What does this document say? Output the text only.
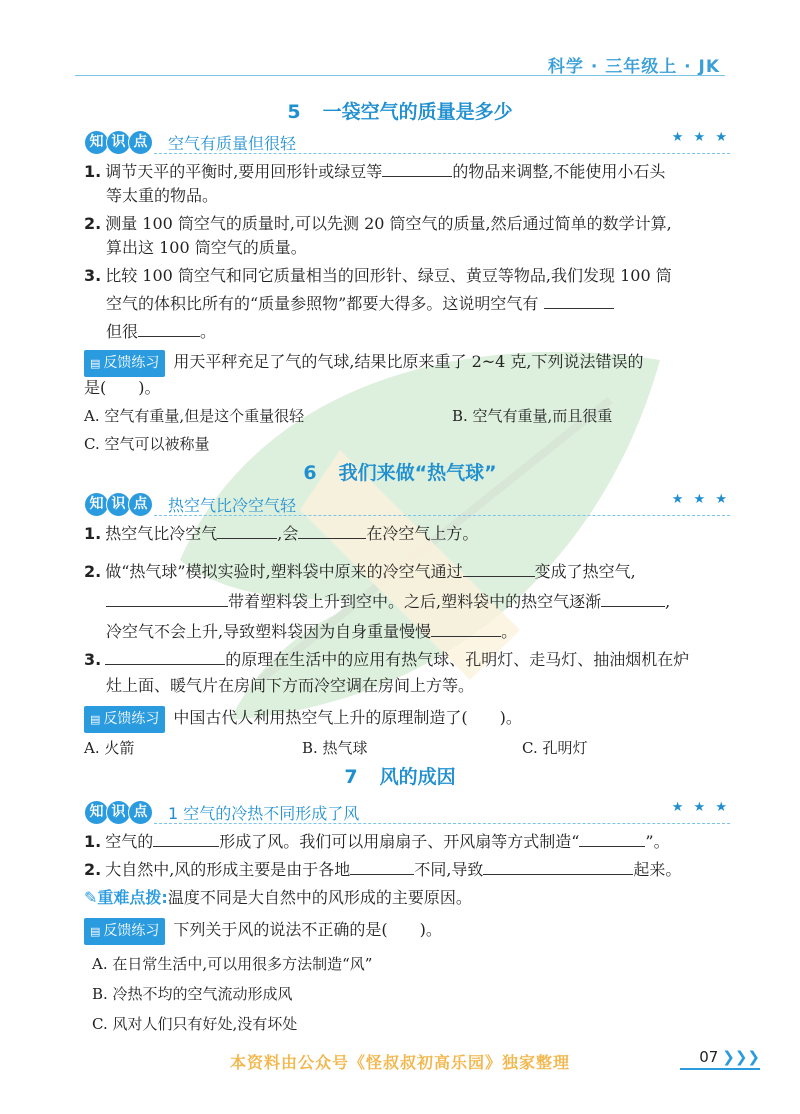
科学 · 三年级上 · JK
5 一袋空气的质量是多少
知 识 点	空气有质量但很轻	★ ★ ★
1. 调节天平的平衡时,要用回形针或绿豆等	的物品来调整,不能使用小石头
等太重的物品。
2. 测量 100 筒空气的质量时,可以先测 20 筒空气的质量,然后通过简单的数学计算,
算出这 100 筒空气的质量。
3. 比较 100 筒空气和同它质量相当的回形针、绿豆、黄豆等物品,我们发现 100 筒
空气的体积比所有的“质量参照物”都要大得多。这说明空气有
但很	。
▤ 反馈练习 用天平秤充足了气的气球,结果比原来重了 2~4 克,下列说法错误的
是(　　)。
A. 空气有重量,但是这个重量很轻	B. 空气有重量,而且很重
C. 空气可以被称量
6 我们来做“热气球”
知 识 点	热空气比冷空气轻	★ ★ ★
1. 热空气比冷空气	,会	在冷空气上方。
2. 做“热气球”模拟实验时,塑料袋中原来的冷空气通过	变成了热空气,
带着塑料袋上升到空中。之后,塑料袋中的热空气逐渐	,
冷空气不会上升,导致塑料袋因为自身重量慢慢	。
3.	的原理在生活中的应用有热气球、孔明灯、走马灯、抽油烟机在炉
灶上面、暖气片在房间下方而冷空调在房间上方等。
▤ 反馈练习 中国古代人利用热空气上升的原理制造了(　　)。
A. 火箭	B. 热气球	C. 孔明灯
7 风的成因
知 识 点	1 空气的冷热不同形成了风	★ ★ ★
1. 空气的	形成了风。我们可以用扇扇子、开风扇等方式制造“	”。
2. 大自然中,风的形成主要是由于各地	不同,导致	起来。
✎重难点拨:温度不同是大自然中的风形成的主要原因。
▤ 反馈练习 下列关于风的说法不正确的是(　　)。
A. 在日常生活中,可以用很多方法制造“风”
B. 冷热不均的空气流动形成风
C. 风对人们只有好处,没有坏处
本资料由公众号《怪叔叔初高乐园》独家整理	07 ❯❯❯
